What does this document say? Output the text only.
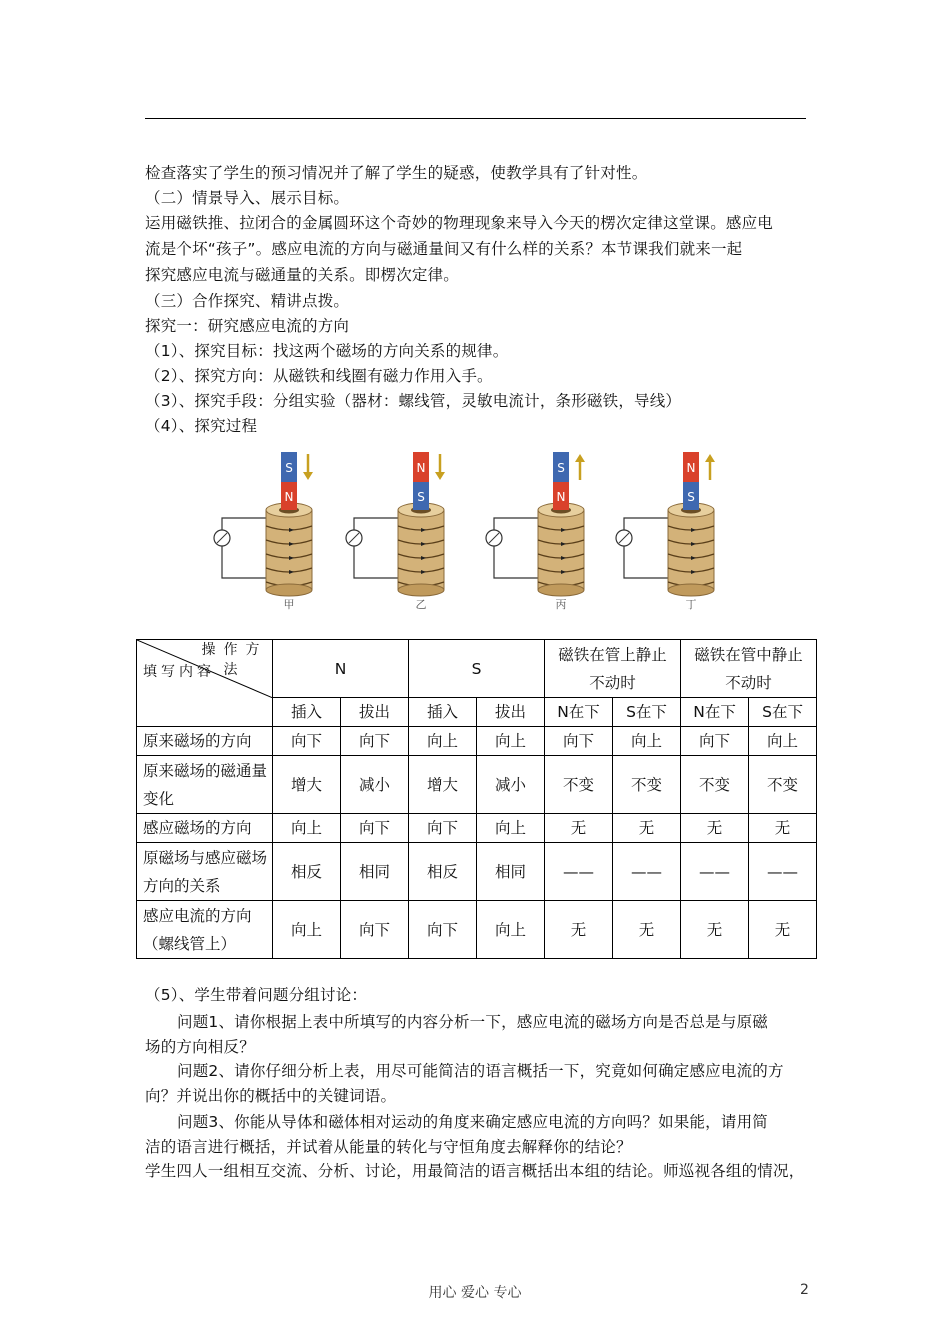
检查落实了学生的预习情况并了解了学生的疑惑，使教学具有了针对性。
（二）情景导入、展示目标。
运用磁铁推、拉闭合的金属圆环这个奇妙的物理现象来导入今天的楞次定律这堂课。感应电
流是个坏“孩子”。感应电流的方向与磁通量间又有什么样的关系？本节课我们就来一起
探究感应电流与磁通量的关系。即楞次定律。
（三）合作探究、精讲点拨。
探究一：研究感应电流的方向
（1）、探究目标：找这两个磁场的方向关系的规律。
（2）、探究方向：从磁铁和线圈有磁力作用入手。
（3）、探究手段：分组实验（器材：螺线管，灵敏电流计，条形磁铁，导线）
（4）、探究过程
S
N
甲
N
S
乙
S
N
丙
N
S
丁
操作方法
填写内容	N		S		磁铁在管上静止不动时		磁铁在管中静止不动时	
	插入	拔出	插入	拔出	N在下	S在下	N在下	S在下
原来磁场的方向	向下	向下	向上	向上	向下	向上	向下	向上
原来磁场的磁通量变化	增大	减小	增大	减小	不变	不变	不变	不变
感应磁场的方向	向上	向下	向下	向上	无	无	无	无
原磁场与感应磁场方向的关系	相反	相同	相反	相同	——	——	——	——
感应电流的方向（螺线管上）	向上	向下	向下	向上	无	无	无	无
（5）、学生带着问题分组讨论：
问题1、请你根据上表中所填写的内容分析一下，感应电流的磁场方向是否总是与原磁
场的方向相反？
问题2、请你仔细分析上表，用尽可能简洁的语言概括一下，究竟如何确定感应电流的方
向？并说出你的概括中的关键词语。
问题3、你能从导体和磁体相对运动的角度来确定感应电流的方向吗？如果能，请用简
洁的语言进行概括，并试着从能量的转化与守恒角度去解释你的结论？
学生四人一组相互交流、分析、讨论，用最简洁的语言概括出本组的结论。师巡视各组的情况，
用心 爱心 专心	2
